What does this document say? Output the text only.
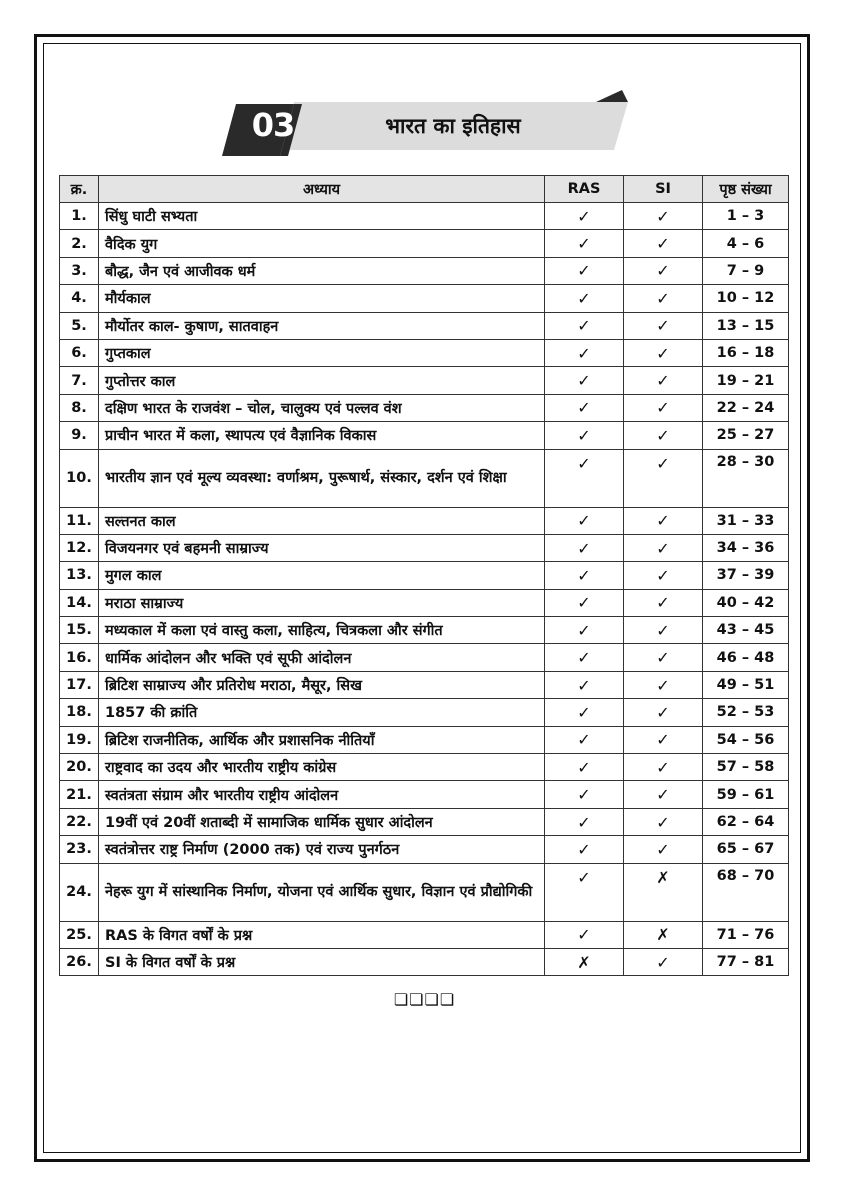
03	भारत का इतिहास
क्र.	अध्याय	RAS	SI	पृष्ठ संख्या
1.	सिंधु घाटी सभ्यता	✓	✓	1 – 3
2.	वैदिक युग	✓	✓	4 – 6
3.	बौद्ध, जैन एवं आजीवक धर्म	✓	✓	7 – 9
4.	मौर्यकाल	✓	✓	10 – 12
5.	मौर्योतर काल- कुषाण, सातवाहन	✓	✓	13 – 15
6.	गुप्तकाल	✓	✓	16 – 18
7.	गुप्तोत्तर काल	✓	✓	19 – 21
8.	दक्षिण भारत के राजवंश – चोल, चालुक्य एवं पल्लव वंश	✓	✓	22 – 24
9.	प्राचीन भारत में कला, स्थापत्य एवं वैज्ञानिक विकास	✓	✓	25 – 27
10.	भारतीय ज्ञान एवं मूल्य व्यवस्था: वर्णाश्रम, पुरूषार्थ, संस्कार, दर्शन एवं शिक्षा	✓	✓	28 – 30
11.	सल्तनत काल	✓	✓	31 – 33
12.	विजयनगर एवं बहमनी साम्राज्य	✓	✓	34 – 36
13.	मुगल काल	✓	✓	37 – 39
14.	मराठा साम्राज्य	✓	✓	40 – 42
15.	मध्यकाल में कला एवं वास्तु कला, साहित्य, चित्रकला और संगीत	✓	✓	43 – 45
16.	धार्मिक आंदोलन और भक्ति एवं सूफी आंदोलन	✓	✓	46 – 48
17.	ब्रिटिश साम्राज्य और प्रतिरोध मराठा, मैसूर, सिख	✓	✓	49 – 51
18.	1857 की क्रांति	✓	✓	52 – 53
19.	ब्रिटिश राजनीतिक, आर्थिक और प्रशासनिक नीतियाँ	✓	✓	54 – 56
20.	राष्ट्रवाद का उदय और भारतीय राष्ट्रीय कांग्रेस	✓	✓	57 – 58
21.	स्वतंत्रता संग्राम और भारतीय राष्ट्रीय आंदोलन	✓	✓	59 – 61
22.	19वीं एवं 20वीं शताब्दी में सामाजिक धार्मिक सुधार आंदोलन	✓	✓	62 – 64
23.	स्वतंत्रोत्तर राष्ट्र निर्माण (2000 तक) एवं राज्य पुनर्गठन	✓	✓	65 – 67
24.	नेहरू युग में सांस्थानिक निर्माण, योजना एवं आर्थिक सुधार, विज्ञान एवं प्रौद्योगिकी	✓	✗	68 – 70
25.	RAS के विगत वर्षों के प्रश्न	✓	✗	71 – 76
26.	SI के विगत वर्षों के प्रश्न	✗	✓	77 – 81
❏❏❏❏
